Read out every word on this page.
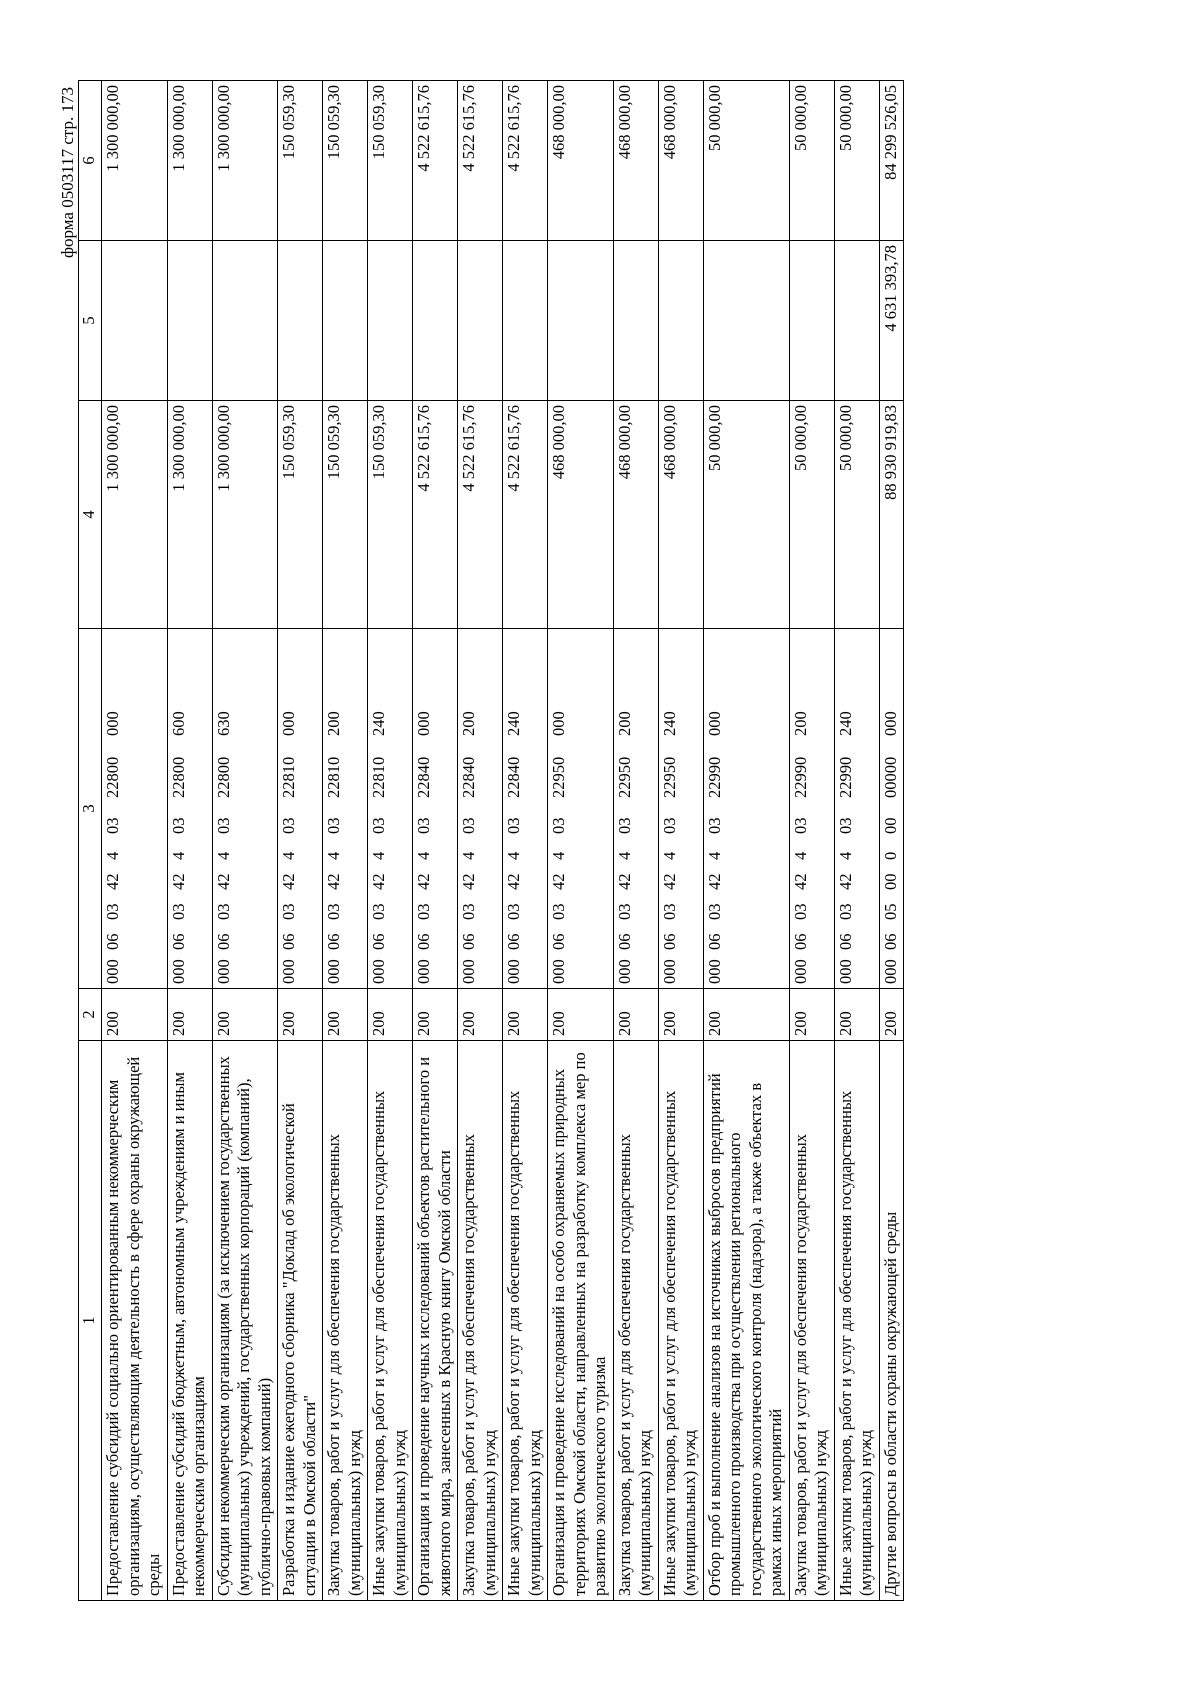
форма 0503117 стр. 173
1	2	3	4	5	6
Предоставление субсидий социально ориентированным некоммерческим организациям, осуществляющим деятельность в сфере охраны окружающей среды	200	00006034240322800000	1 300 000,00		1 300 000,00
Предоставление субсидий бюджетным, автономным учреждениям и иным некоммерческим организациям	200	00006034240322800600	1 300 000,00		1 300 000,00
Субсидии некоммерческим организациям (за исключением государственных (муниципальных) учреждений, государственных корпораций (компаний), публично-правовых компаний)	200	00006034240322800630	1 300 000,00		1 300 000,00
Разработка и издание ежегодного сборника "Доклад об экологической ситуации в Омской области"	200	00006034240322810000	150 059,30		150 059,30
Закупка товаров, работ и услуг для обеспечения государственных (муниципальных) нужд	200	00006034240322810200	150 059,30		150 059,30
Иные закупки товаров, работ и услуг для обеспечения государственных (муниципальных) нужд	200	00006034240322810240	150 059,30		150 059,30
Организация и проведение научных исследований объектов растительного и животного мира, занесенных в Красную книгу Омской области	200	00006034240322840000	4 522 615,76		4 522 615,76
Закупка товаров, работ и услуг для обеспечения государственных (муниципальных) нужд	200	00006034240322840200	4 522 615,76		4 522 615,76
Иные закупки товаров, работ и услуг для обеспечения государственных (муниципальных) нужд	200	00006034240322840240	4 522 615,76		4 522 615,76
Организация и проведение исследований на особо охраняемых природных территориях Омской области, направленных на разработку комплекса мер по развитию экологического туризма	200	00006034240322950000	468 000,00		468 000,00
Закупка товаров, работ и услуг для обеспечения государственных (муниципальных) нужд	200	00006034240322950200	468 000,00		468 000,00
Иные закупки товаров, работ и услуг для обеспечения государственных (муниципальных) нужд	200	00006034240322950240	468 000,00		468 000,00
Отбор проб и выполнение анализов на источниках выбросов предприятий промышленного производства при осуществлении регионального государственного экологического контроля (надзора), а также объектах в рамках иных мероприятий	200	00006034240322990000	50 000,00		50 000,00
Закупка товаров, работ и услуг для обеспечения государственных (муниципальных) нужд	200	00006034240322990200	50 000,00		50 000,00
Иные закупки товаров, работ и услуг для обеспечения государственных (муниципальных) нужд	200	00006034240322990240	50 000,00		50 000,00
Другие вопросы в области охраны окружающей среды	200	00006050000000000000	88 930 919,83	4 631 393,78	84 299 526,05
